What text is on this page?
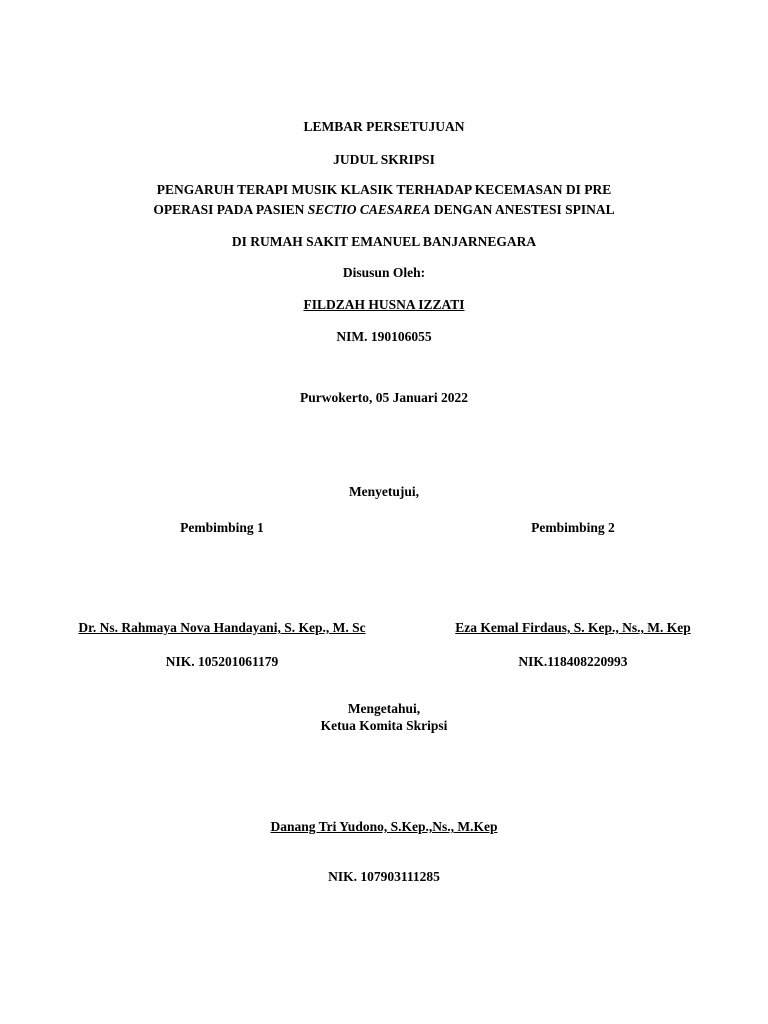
LEMBAR PERSETUJUAN
JUDUL SKRIPSI
PENGARUH TERAPI MUSIK KLASIK TERHADAP KECEMASAN DI PRE
OPERASI PADA PASIEN SECTIO CAESAREA DENGAN ANESTESI SPINAL
DI RUMAH SAKIT EMANUEL BANJARNEGARA
Disusun Oleh:
FILDZAH HUSNA IZZATI
NIM. 190106055
Purwokerto, 05 Januari 2022
Menyetujui,
Pembimbing 1	Pembimbing 2
Dr. Ns. Rahmaya Nova Handayani, S. Kep., M. Sc	Eza Kemal Firdaus, S. Kep., Ns., M. Kep
NIK. 105201061179	NIK.118408220993
Mengetahui,
Ketua Komita Skripsi
Danang Tri Yudono, S.Kep.,Ns., M.Kep
NIK. 107903111285
